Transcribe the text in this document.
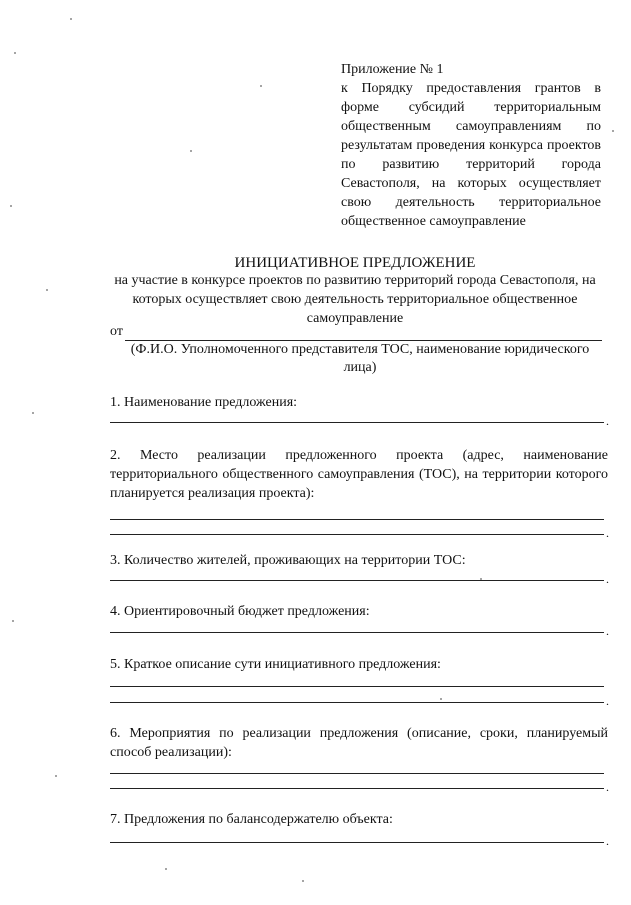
Приложение № 1
к Порядку предоставления грантов в форме субсидий территориальным общественным самоуправлениям по результатам проведения конкурса проектов по развитию территорий города Севастополя, на которых осуществляет свою деятельность территориальное общественное самоуправление
ИНИЦИАТИВНОЕ ПРЕДЛОЖЕНИЕ
на участие в конкурсе проектов по развитию территорий города Севастополя, на которых осуществляет свою деятельность территориальное общественное самоуправление
от
(Ф.И.О. Уполномоченного представителя ТОС, наименование юридического лица)
1. Наименование предложения:
.
2. Место реализации предложенного проекта (адрес, наименование территориального общественного самоуправления (ТОС), на территории которого планируется реализация проекта):
.
3. Количество жителей, проживающих на территории ТОС:
.
4. Ориентировочный бюджет предложения:
.
5. Краткое описание сути инициативного предложения:
.
6. Мероприятия по реализации предложения (описание, сроки, планируемый способ реализации):
.
7. Предложения по балансодержателю объекта:
.
